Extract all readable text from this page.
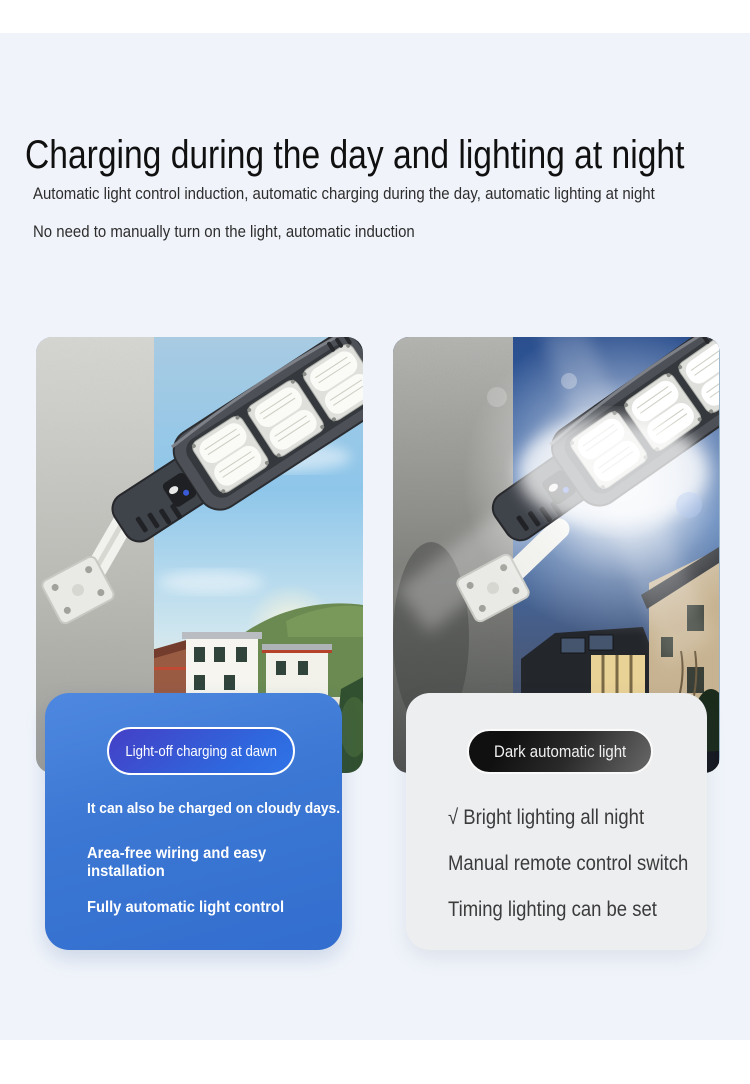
Charging during the day and lighting at night
Automatic light control induction, automatic charging during the day, automatic lighting at night
No need to manually turn on the light, automatic induction
Light-off charging at dawn
It can also be charged on cloudy days.
Area-free wiring and easy installation
Fully automatic light control
Dark automatic light
√ Bright lighting all night
Manual remote control switch
Timing lighting can be set
